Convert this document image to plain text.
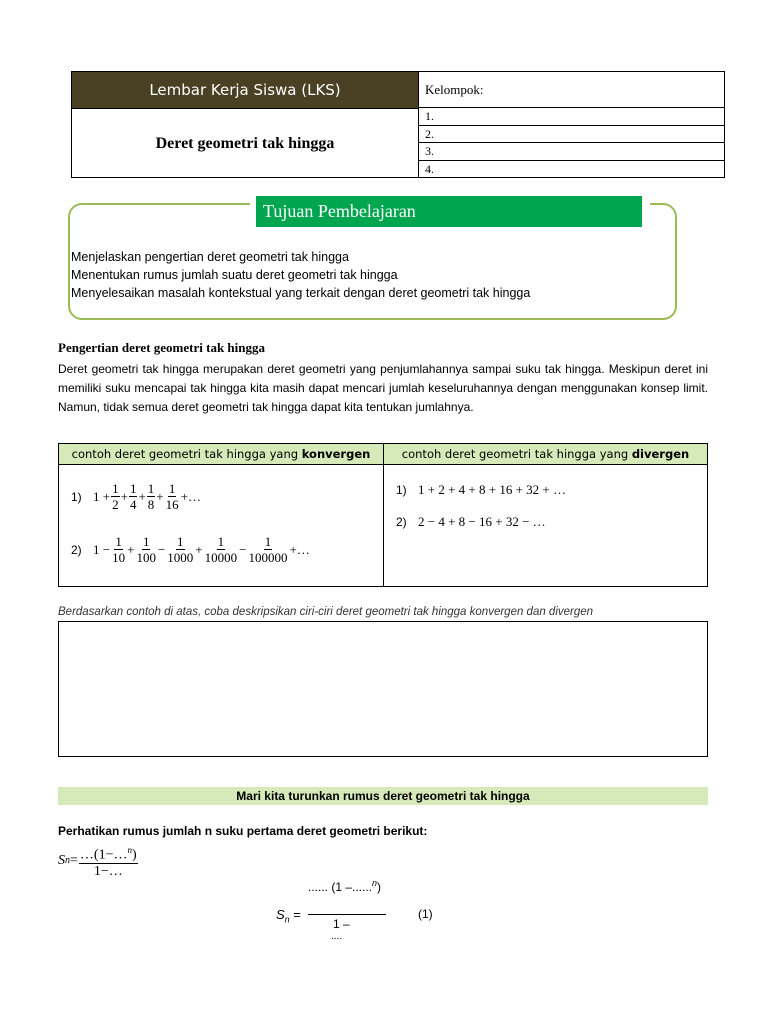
Lembar Kerja Siswa (LKS)
Deret geometri tak hingga
Kelompok:
1.
2.
3.
4.
Tujuan Pembelajaran
Menjelaskan pengertian deret geometri tak hingga
Menentukan rumus jumlah suatu deret geometri tak hingga
Menyelesaikan masalah kontekstual yang terkait dengan deret geometri tak hingga
Pengertian deret geometri tak hingga
Deret geometri tak hingga merupakan deret geometri yang penjumlahannya sampai suku tak hingga. Meskipun deret ini memiliki suku mencapai tak hingga kita masih dapat mencari jumlah keseluruhannya dengan menggunakan konsep limit. Namun, tidak semua deret geometri tak hingga dapat kita tentukan jumlahnya.
contoh deret geometri tak hingga yang konvergen	contoh deret geometri tak hingga yang divergen
1) $1 + \frac{1}{2} + \frac{1}{4} + \frac{1}{8} + \frac{1}{16}$ + …
2) $1 - \frac{1}{10} + \frac{1}{100} - \frac{1}{1000} + \frac{1}{10000} - \frac{1}{100000}$ + …
1) 1 + 2 + 4 + 8 + 16 + 32 + …
2) 2 − 4 + 8 − 16 + 32 − …
Berdasarkan contoh di atas, coba deskripsikan ciri-ciri deret geometri tak hingga konvergen dan divergen
Mari kita turunkan rumus deret geometri tak hingga
Perhatikan rumus jumlah n suku pertama deret geometri berikut:
S $n = \frac{\dots(1-\dots^n)}{1-\dots}$
...... (1 –......$^n$)
$S_n$ =
1 –
....
(1)
